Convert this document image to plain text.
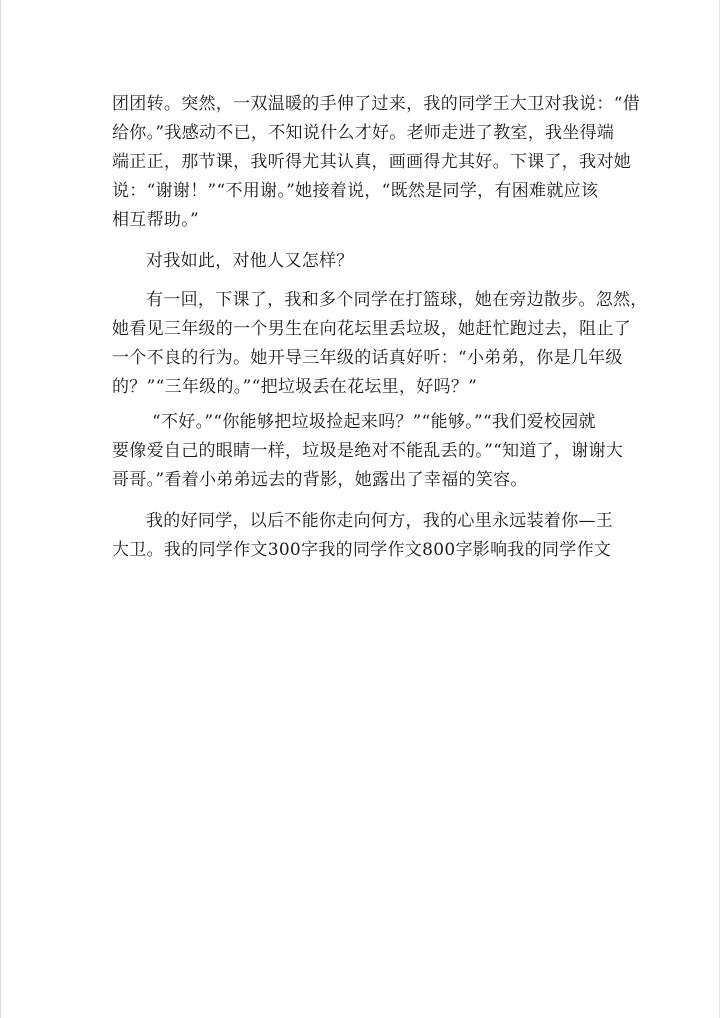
团团转。突然，一双温暖的手伸了过来，我的同学王大卫对我说：“借
给你。”我感动不已，不知说什么才好。老师走进了教室，我坐得端
端正正，那节课，我听得尤其认真，画画得尤其好。下课了，我对她
说：“谢谢！”“不用谢。”她接着说，“既然是同学，有困难就应该
相互帮助。”

对我如此，对他人又怎样？

有一回，下课了，我和多个同学在打篮球，她在旁边散步。忽然，
她看见三年级的一个男生在向花坛里丢垃圾，她赶忙跑过去，阻止了
一个不良的行为。她开导三年级的话真好听：“小弟弟，你是几年级
的？”“三年级的。”“把垃圾丢在花坛里，好吗？”

“不好。”“你能够把垃圾捡起来吗？”“能够。”“我们爱校园就
要像爱自己的眼睛一样，垃圾是绝对不能乱丢的。”“知道了，谢谢大
哥哥。”看着小弟弟远去的背影，她露出了幸福的笑容。

我的好同学，以后不能你走向何方，我的心里永远装着你—王
大卫。我的同学作文300字我的同学作文800字影响我的同学作文
